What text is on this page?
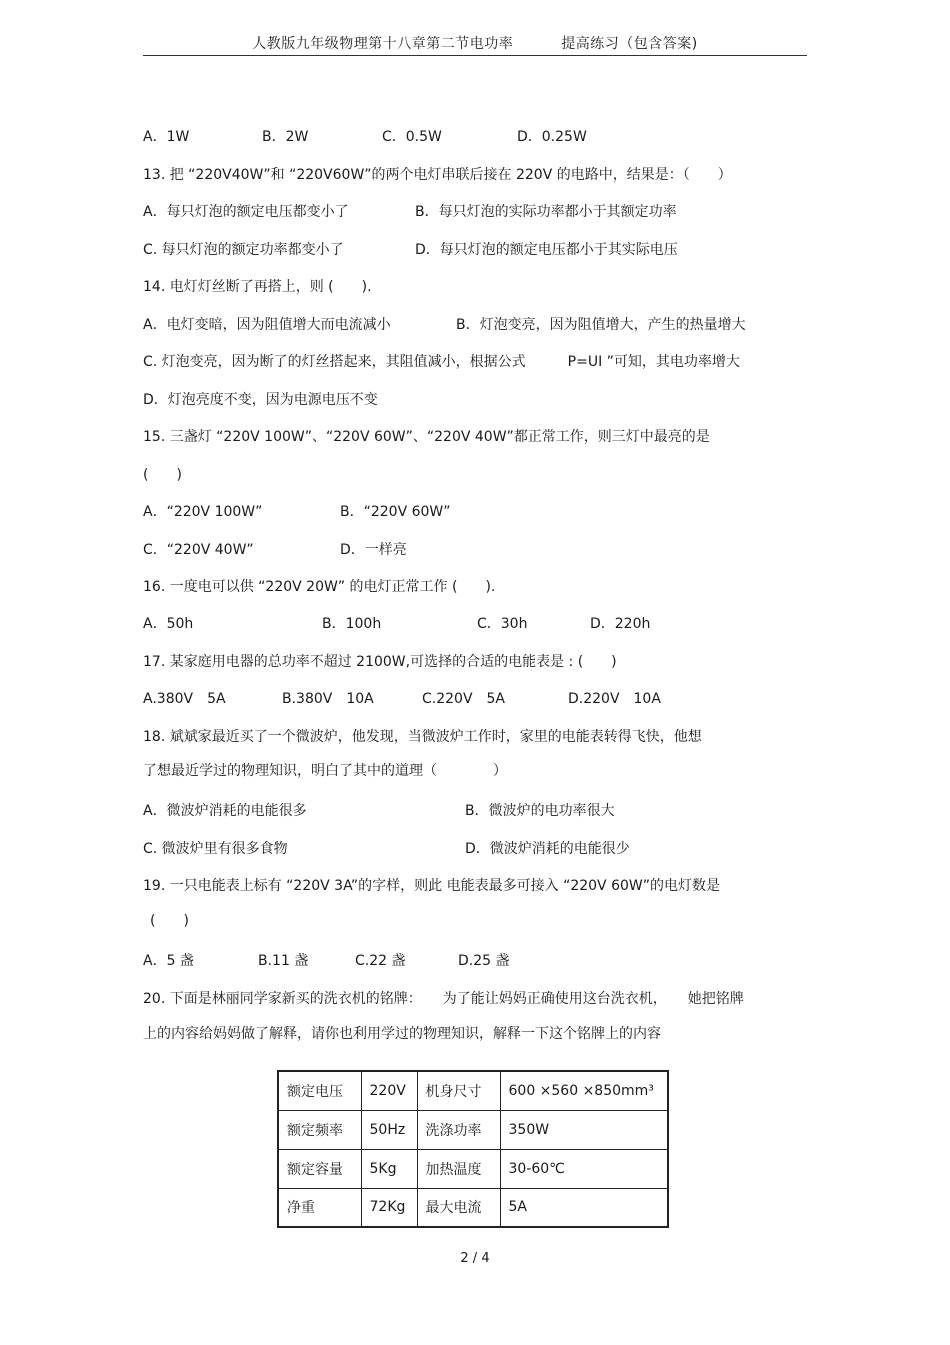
人教版九年级物理第十八章第二节电功率	提高练习（包含答案)
A．1W	B．2W	C．0.5W	D．0.25W
13. 把 “220V40W”和 “220V60W”的两个电灯串联后接在 220V 的电路中，结果是：（　　）
A．每只灯泡的额定电压都变小了	B．每只灯泡的实际功率都小于其额定功率
C. 每只灯泡的额定功率都变小了	D．每只灯泡的额定电压都小于其实际电压
14. 电灯灯丝断了再搭上，则 (　　).
A．电灯变暗，因为阻值增大而电流减小	B．灯泡变亮，因为阻值增大，产生的热量增大
C. 灯泡变亮，因为断了的灯丝搭起来，其阻值减小，根据公式　　　P=UI ”可知，其电功率增大
D．灯泡亮度不变，因为电源电压不变
15. 三盏灯 “220V 100W”、“220V 60W”、“220V 40W”都正常工作，则三灯中最亮的是
(　　)
A．“220V 100W”	B．“220V 60W”
C．“220V 40W”	D．一样亮
16. 一度电可以供 “220V 20W” 的电灯正常工作 (　　).
A．50h	B．100h	C．30h	D．220h
17. 某家庭用电器的总功率不超过 2100W,可选择的合适的电能表是 : (　　)
A.380V　5A	B.380V　10A	C.220V　5A	D.220V　10A
18. 斌斌家最近买了一个微波炉，他发现，当微波炉工作时，家里的电能表转得飞快，他想
了想最近学过的物理知识，明白了其中的道理（　　　　）
A．微波炉消耗的电能很多	B．微波炉的电功率很大
C. 微波炉里有很多食物	D．微波炉消耗的电能很少
19. 一只电能表上标有 “220V 3A”的字样，则此 电能表最多可接入 “220V 60W”的电灯数是
(　　)
A．5 盏	B.11 盏	C.22 盏	D.25 盏
20. 下面是林丽同学家新买的洗衣机的铭牌：　　为了能让妈妈正确使用这台洗衣机，　　她把铭牌
上的内容给妈妈做了解释，请你也利用学过的物理知识，解释一下这个铭牌上的内容
额定电压	220V	机身尺寸	600 ×560 ×850mm³
额定频率	50Hz	洗涤功率	350W
额定容量	5Kg	加热温度	30-60℃
净重	72Kg	最大电流	5A
2 / 4
